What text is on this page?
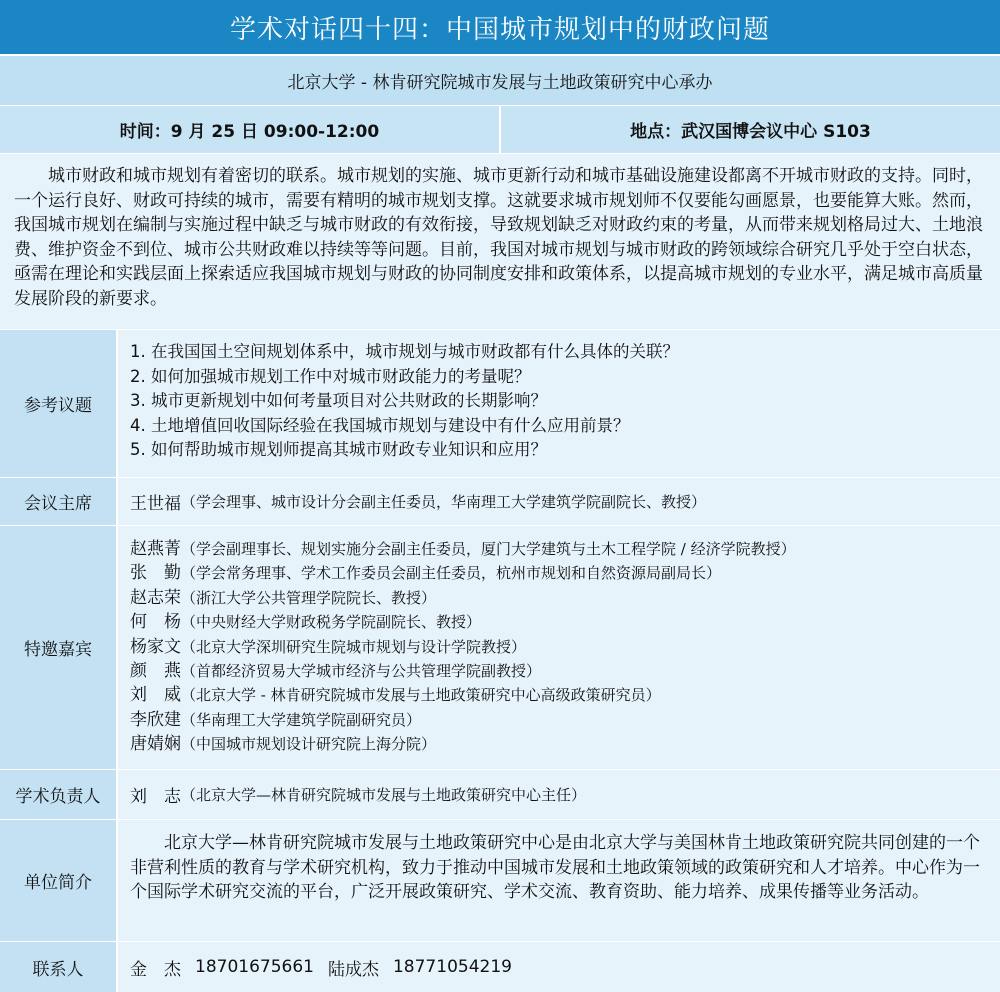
学术对话四十四：中国城市规划中的财政问题
北京大学 - 林肯研究院城市发展与土地政策研究中心承办
时间：9 月 25 日 09:00-12:00	地点：武汉国博会议中心 S103
城市财政和城市规划有着密切的联系。城市规划的实施、城市更新行动和城市基础设施建设都离不开城市财政的支持。同时，一个运行良好、财政可持续的城市，需要有精明的城市规划支撑。这就要求城市规划师不仅要能勾画愿景，也要能算大账。然而，我国城市规划在编制与实施过程中缺乏与城市财政的有效衔接，导致规划缺乏对财政约束的考量，从而带来规划格局过大、土地浪费、维护资金不到位、城市公共财政难以持续等等问题。目前，我国对城市规划与城市财政的跨领域综合研究几乎处于空白状态，亟需在理论和实践层面上探索适应我国城市规划与财政的协同制度安排和政策体系，以提高城市规划的专业水平，满足城市高质量发展阶段的新要求。
参考议题
1. 在我国国土空间规划体系中，城市规划与城市财政都有什么具体的关联？
2. 如何加强城市规划工作中对城市财政能力的考量呢？
3. 城市更新规划中如何考量项目对公共财政的长期影响？
4. 土地增值回收国际经验在我国城市规划与建设中有什么应用前景？
5. 如何帮助城市规划师提高其城市财政专业知识和应用？
会议主席	王世福 （学会理事、城市设计分会副主任委员，华南理工大学建筑学院副院长、教授）
特邀嘉宾
赵燕菁（学会副理事长、规划实施分会副主任委员，厦门大学建筑与土木工程学院 / 经济学院教授）
张　勤（学会常务理事、学术工作委员会副主任委员，杭州市规划和自然资源局副局长）
赵志荣（浙江大学公共管理学院院长、教授）
何　杨（中央财经大学财政税务学院副院长、教授）
杨家文（北京大学深圳研究生院城市规划与设计学院教授）
颜　燕（首都经济贸易大学城市经济与公共管理学院副教授）
刘　威（北京大学 - 林肯研究院城市发展与土地政策研究中心高级政策研究员）
李欣建（华南理工大学建筑学院副研究员）
唐婧娴（中国城市规划设计研究院上海分院）
学术负责人	刘　志 （北京大学—林肯研究院城市发展与土地政策研究中心主任）
单位简介
北京大学—林肯研究院城市发展与土地政策研究中心是由北京大学与美国林肯土地政策研究院共同创建的一个非营利性质的教育与学术研究机构，致力于推动中国城市发展和土地政策领域的政策研究和人才培养。中心作为一个国际学术研究交流的平台，广泛开展政策研究、学术交流、教育资助、能力培养、成果传播等业务活动。
联系人	金　杰 18701675661 陆成杰 18771054219
